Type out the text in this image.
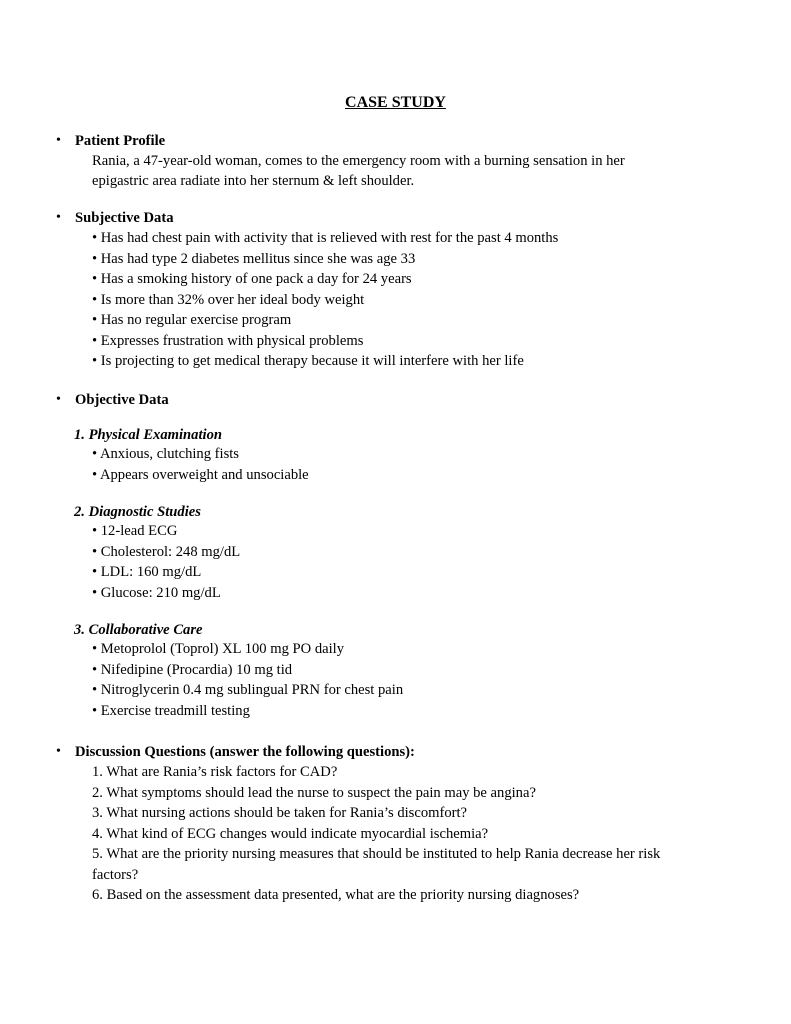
CASE STUDY
• Patient Profile
Rania, a 47-year-old woman, comes to the emergency room with a burning sensation in her
epigastric area radiate into her sternum & left shoulder.
• Subjective Data
• Has had chest pain with activity that is relieved with rest for the past 4 months
• Has had type 2 diabetes mellitus since she was age 33
• Has a smoking history of one pack a day for 24 years
• Is more than 32% over her ideal body weight
• Has no regular exercise program
• Expresses frustration with physical problems
• Is projecting to get medical therapy because it will interfere with her life
• Objective Data
1. Physical Examination
• Anxious, clutching fists
• Appears overweight and unsociable
2. Diagnostic Studies
• 12-lead ECG
• Cholesterol: 248 mg/dL
• LDL: 160 mg/dL
• Glucose: 210 mg/dL
3. Collaborative Care
• Metoprolol (Toprol) XL 100 mg PO daily
• Nifedipine (Procardia) 10 mg tid
• Nitroglycerin 0.4 mg sublingual PRN for chest pain
• Exercise treadmill testing
• Discussion Questions (answer the following questions):
1. What are Rania’s risk factors for CAD?
2. What symptoms should lead the nurse to suspect the pain may be angina?
3. What nursing actions should be taken for Rania’s discomfort?
4. What kind of ECG changes would indicate myocardial ischemia?
5. What are the priority nursing measures that should be instituted to help Rania decrease her risk
factors?
6. Based on the assessment data presented, what are the priority nursing diagnoses?
